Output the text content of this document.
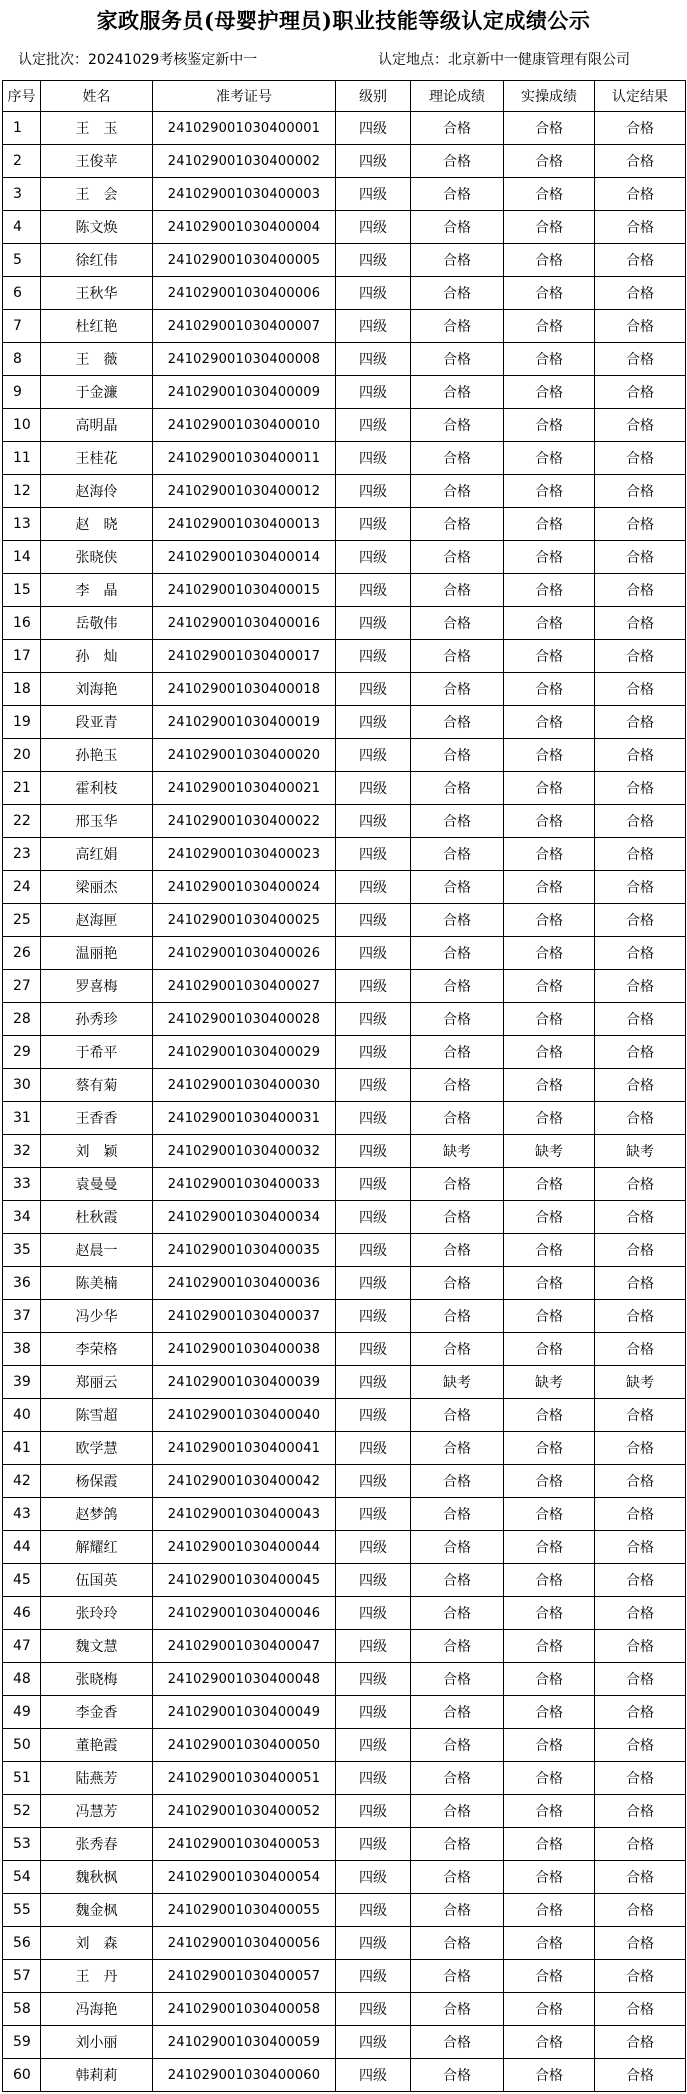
家政服务员(母婴护理员)职业技能等级认定成绩公示
认定批次：20241029考核鉴定新中一	认定地点：北京新中一健康管理有限公司
序号	姓名	准考证号	级别	理论成绩	实操成绩	认定结果
1	王　玉	241029001030400001	四级	合格	合格	合格
2	王俊苹	241029001030400002	四级	合格	合格	合格
3	王　会	241029001030400003	四级	合格	合格	合格
4	陈文焕	241029001030400004	四级	合格	合格	合格
5	徐红伟	241029001030400005	四级	合格	合格	合格
6	王秋华	241029001030400006	四级	合格	合格	合格
7	杜红艳	241029001030400007	四级	合格	合格	合格
8	王　薇	241029001030400008	四级	合格	合格	合格
9	于金濂	241029001030400009	四级	合格	合格	合格
10	高明晶	241029001030400010	四级	合格	合格	合格
11	王桂花	241029001030400011	四级	合格	合格	合格
12	赵海伶	241029001030400012	四级	合格	合格	合格
13	赵　晓	241029001030400013	四级	合格	合格	合格
14	张晓侠	241029001030400014	四级	合格	合格	合格
15	李　晶	241029001030400015	四级	合格	合格	合格
16	岳敬伟	241029001030400016	四级	合格	合格	合格
17	孙　灿	241029001030400017	四级	合格	合格	合格
18	刘海艳	241029001030400018	四级	合格	合格	合格
19	段亚青	241029001030400019	四级	合格	合格	合格
20	孙艳玉	241029001030400020	四级	合格	合格	合格
21	霍利枝	241029001030400021	四级	合格	合格	合格
22	邢玉华	241029001030400022	四级	合格	合格	合格
23	高红娟	241029001030400023	四级	合格	合格	合格
24	梁丽杰	241029001030400024	四级	合格	合格	合格
25	赵海匣	241029001030400025	四级	合格	合格	合格
26	温丽艳	241029001030400026	四级	合格	合格	合格
27	罗喜梅	241029001030400027	四级	合格	合格	合格
28	孙秀珍	241029001030400028	四级	合格	合格	合格
29	于希平	241029001030400029	四级	合格	合格	合格
30	蔡有菊	241029001030400030	四级	合格	合格	合格
31	王香香	241029001030400031	四级	合格	合格	合格
32	刘　颖	241029001030400032	四级	缺考	缺考	缺考
33	袁曼曼	241029001030400033	四级	合格	合格	合格
34	杜秋霞	241029001030400034	四级	合格	合格	合格
35	赵晨一	241029001030400035	四级	合格	合格	合格
36	陈美楠	241029001030400036	四级	合格	合格	合格
37	冯少华	241029001030400037	四级	合格	合格	合格
38	李荣格	241029001030400038	四级	合格	合格	合格
39	郑丽云	241029001030400039	四级	缺考	缺考	缺考
40	陈雪超	241029001030400040	四级	合格	合格	合格
41	欧学慧	241029001030400041	四级	合格	合格	合格
42	杨保霞	241029001030400042	四级	合格	合格	合格
43	赵梦鸽	241029001030400043	四级	合格	合格	合格
44	解耀红	241029001030400044	四级	合格	合格	合格
45	伍国英	241029001030400045	四级	合格	合格	合格
46	张玲玲	241029001030400046	四级	合格	合格	合格
47	魏文慧	241029001030400047	四级	合格	合格	合格
48	张晓梅	241029001030400048	四级	合格	合格	合格
49	李金香	241029001030400049	四级	合格	合格	合格
50	董艳霞	241029001030400050	四级	合格	合格	合格
51	陆燕芳	241029001030400051	四级	合格	合格	合格
52	冯慧芳	241029001030400052	四级	合格	合格	合格
53	张秀春	241029001030400053	四级	合格	合格	合格
54	魏秋枫	241029001030400054	四级	合格	合格	合格
55	魏金枫	241029001030400055	四级	合格	合格	合格
56	刘　森	241029001030400056	四级	合格	合格	合格
57	王　丹	241029001030400057	四级	合格	合格	合格
58	冯海艳	241029001030400058	四级	合格	合格	合格
59	刘小丽	241029001030400059	四级	合格	合格	合格
60	韩莉莉	241029001030400060	四级	合格	合格	合格
